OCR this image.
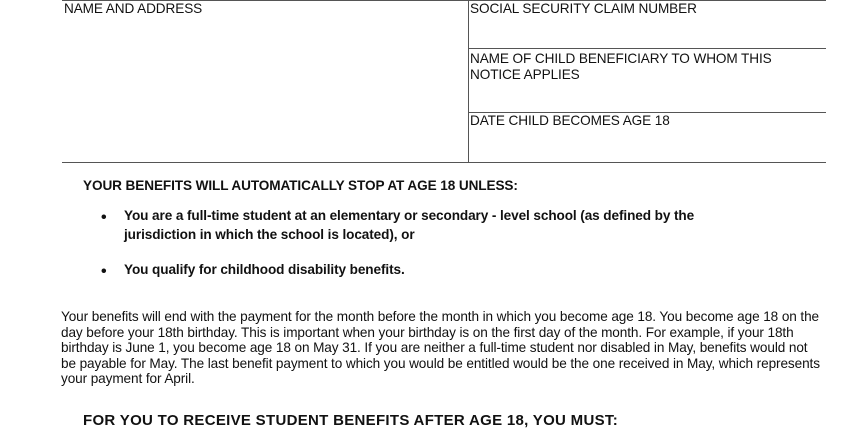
NAME AND ADDRESS	SOCIAL SECURITY CLAIM NUMBER
NAME OF CHILD BENEFICIARY TO WHOM THIS
NOTICE APPLIES
DATE CHILD BECOMES AGE 18
YOUR BENEFITS WILL AUTOMATICALLY STOP AT AGE 18 UNLESS:
• You are a full-time student at an elementary or secondary - level school (as defined by the jurisdiction in which the school is located), or
• You qualify for childhood disability benefits.
Your benefits will end with the payment for the month before the month in which you become age 18. You become age 18 on the day before your 18th birthday. This is important when your birthday is on the first day of the month. For example, if your 18th birthday is June 1, you become age 18 on May 31. If you are neither a full-time student nor disabled in May, benefits would not be payable for May. The last benefit payment to which you would be entitled would be the one received in May, which represents your payment for April.
FOR YOU TO RECEIVE STUDENT BENEFITS AFTER AGE 18, YOU MUST:
